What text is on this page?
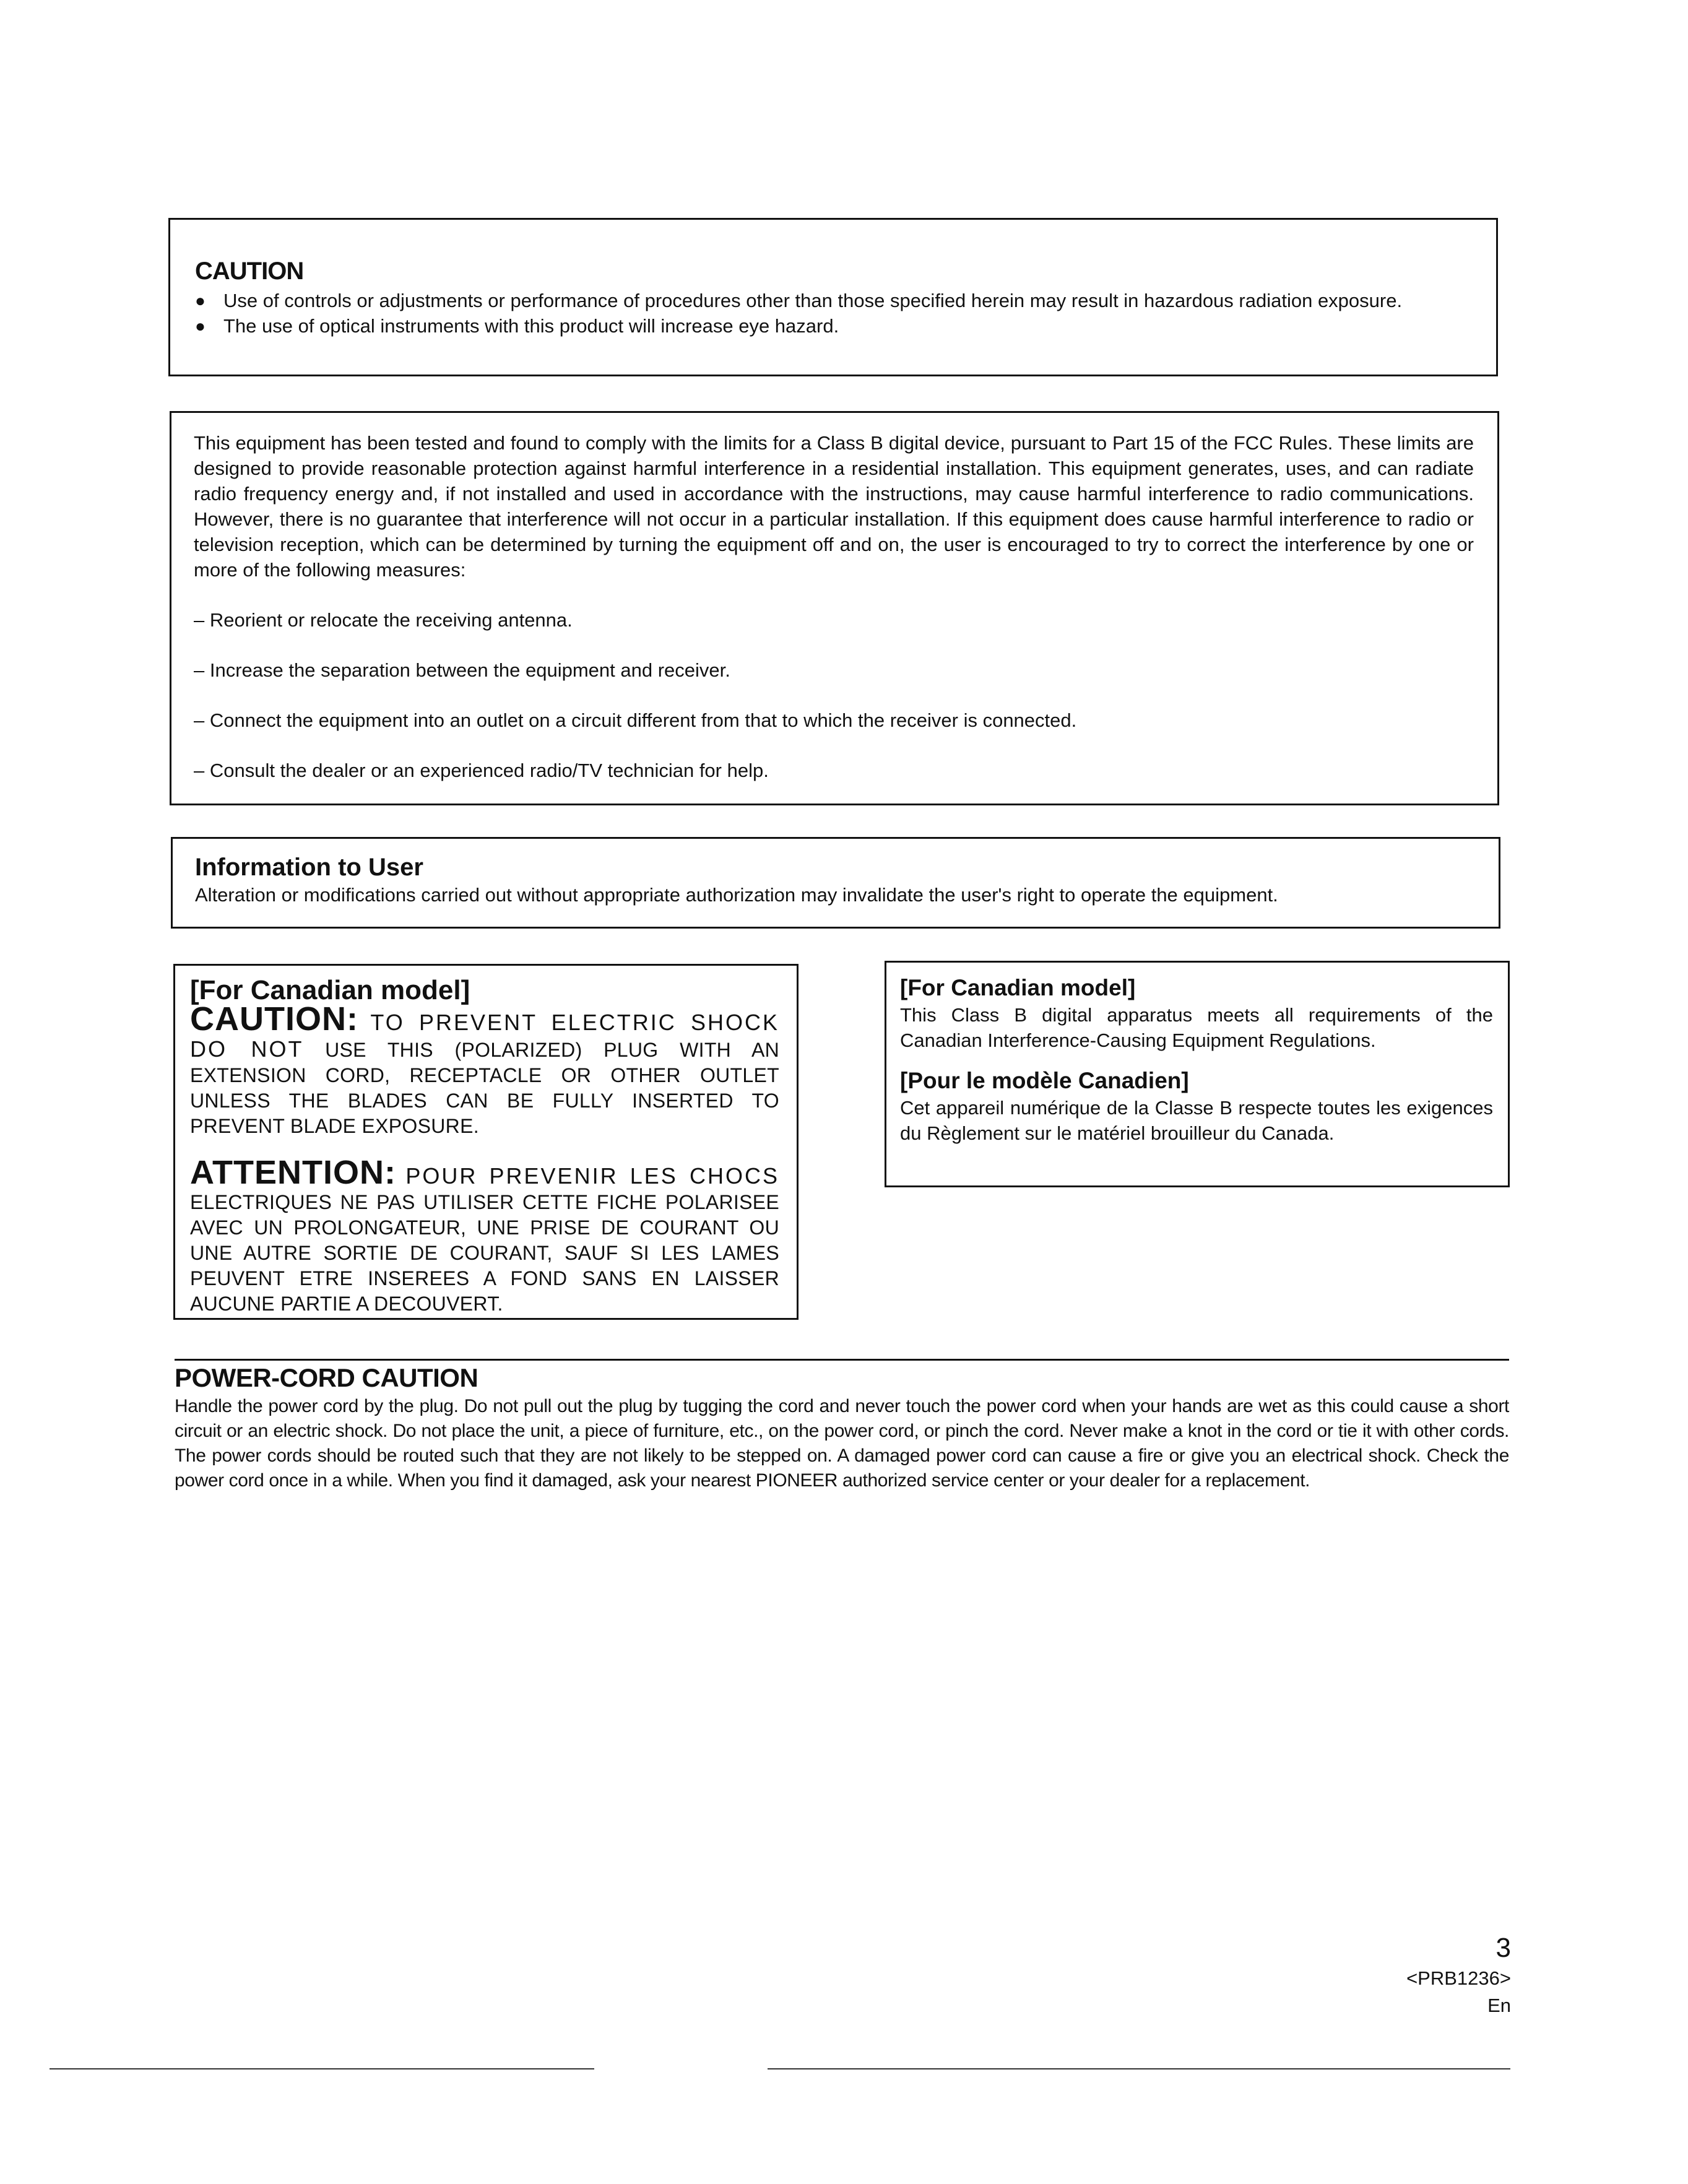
CAUTION

● Use of controls or adjustments or performance of procedures other than those specified herein may result in hazardous radiation exposure.
● The use of optical instruments with this product will increase eye hazard.

This equipment has been tested and found to comply with the limits for a Class B digital device, pursuant to Part 15 of the FCC Rules. These limits are designed to provide reasonable protection against harmful interference in a residential installation. This equipment generates, uses, and can radiate radio frequency energy and, if not installed and used in accordance with the instructions, may cause harmful interference to radio communications. However, there is no guarantee that interference will not occur in a particular installation. If this equipment does cause harmful interference to radio or television reception, which can be determined by turning the equipment off and on, the user is encouraged to try to correct the interference by one or more of the following measures:

– Reorient or relocate the receiving antenna.

– Increase the separation between the equipment and receiver.

– Connect the equipment into an outlet on a circuit different from that to which the receiver is connected.

– Consult the dealer or an experienced radio/TV technician for help.

Information to User

Alteration or modifications carried out without appropriate authorization may invalidate the user's right to operate the equipment.

[For Canadian model]

CAUTION: TO PREVENT ELECTRIC SHOCK DO NOT USE THIS (POLARIZED) PLUG WITH AN EXTENSION CORD, RECEPTACLE OR OTHER OUTLET UNLESS THE BLADES CAN BE FULLY INSERTED TO PREVENT BLADE EXPOSURE.
ATTENTION: POUR PREVENIR LES CHOCS ELECTRIQUES NE PAS UTILISER CETTE FICHE POLARISEE AVEC UN PROLONGATEUR, UNE PRISE DE COURANT OU UNE AUTRE SORTIE DE COURANT, SAUF SI LES LAMES PEUVENT ETRE INSEREES A FOND SANS EN LAISSER AUCUNE PARTIE A DECOUVERT.

[For Canadian model]

This Class B digital apparatus meets all requirements of the Canadian Interference-Causing Equipment Regulations.

[Pour le modèle Canadien]

Cet appareil numérique de la Classe B respecte toutes les exigences du Règlement sur le matériel brouilleur du Canada.

POWER-CORD CAUTION

Handle the power cord by the plug. Do not pull out the plug by tugging the cord and never touch the power cord when your hands are wet as this could cause a short circuit or an electric shock. Do not place the unit, a piece of furniture, etc., on the power cord, or pinch the cord. Never make a knot in the cord or tie it with other cords. The power cords should be routed such that they are not likely to be stepped on. A damaged power cord can cause a fire or give you an electrical shock. Check the power cord once in a while. When you find it damaged, ask your nearest PIONEER authorized service center or your dealer for a replacement.

3
<PRB1236>
En
